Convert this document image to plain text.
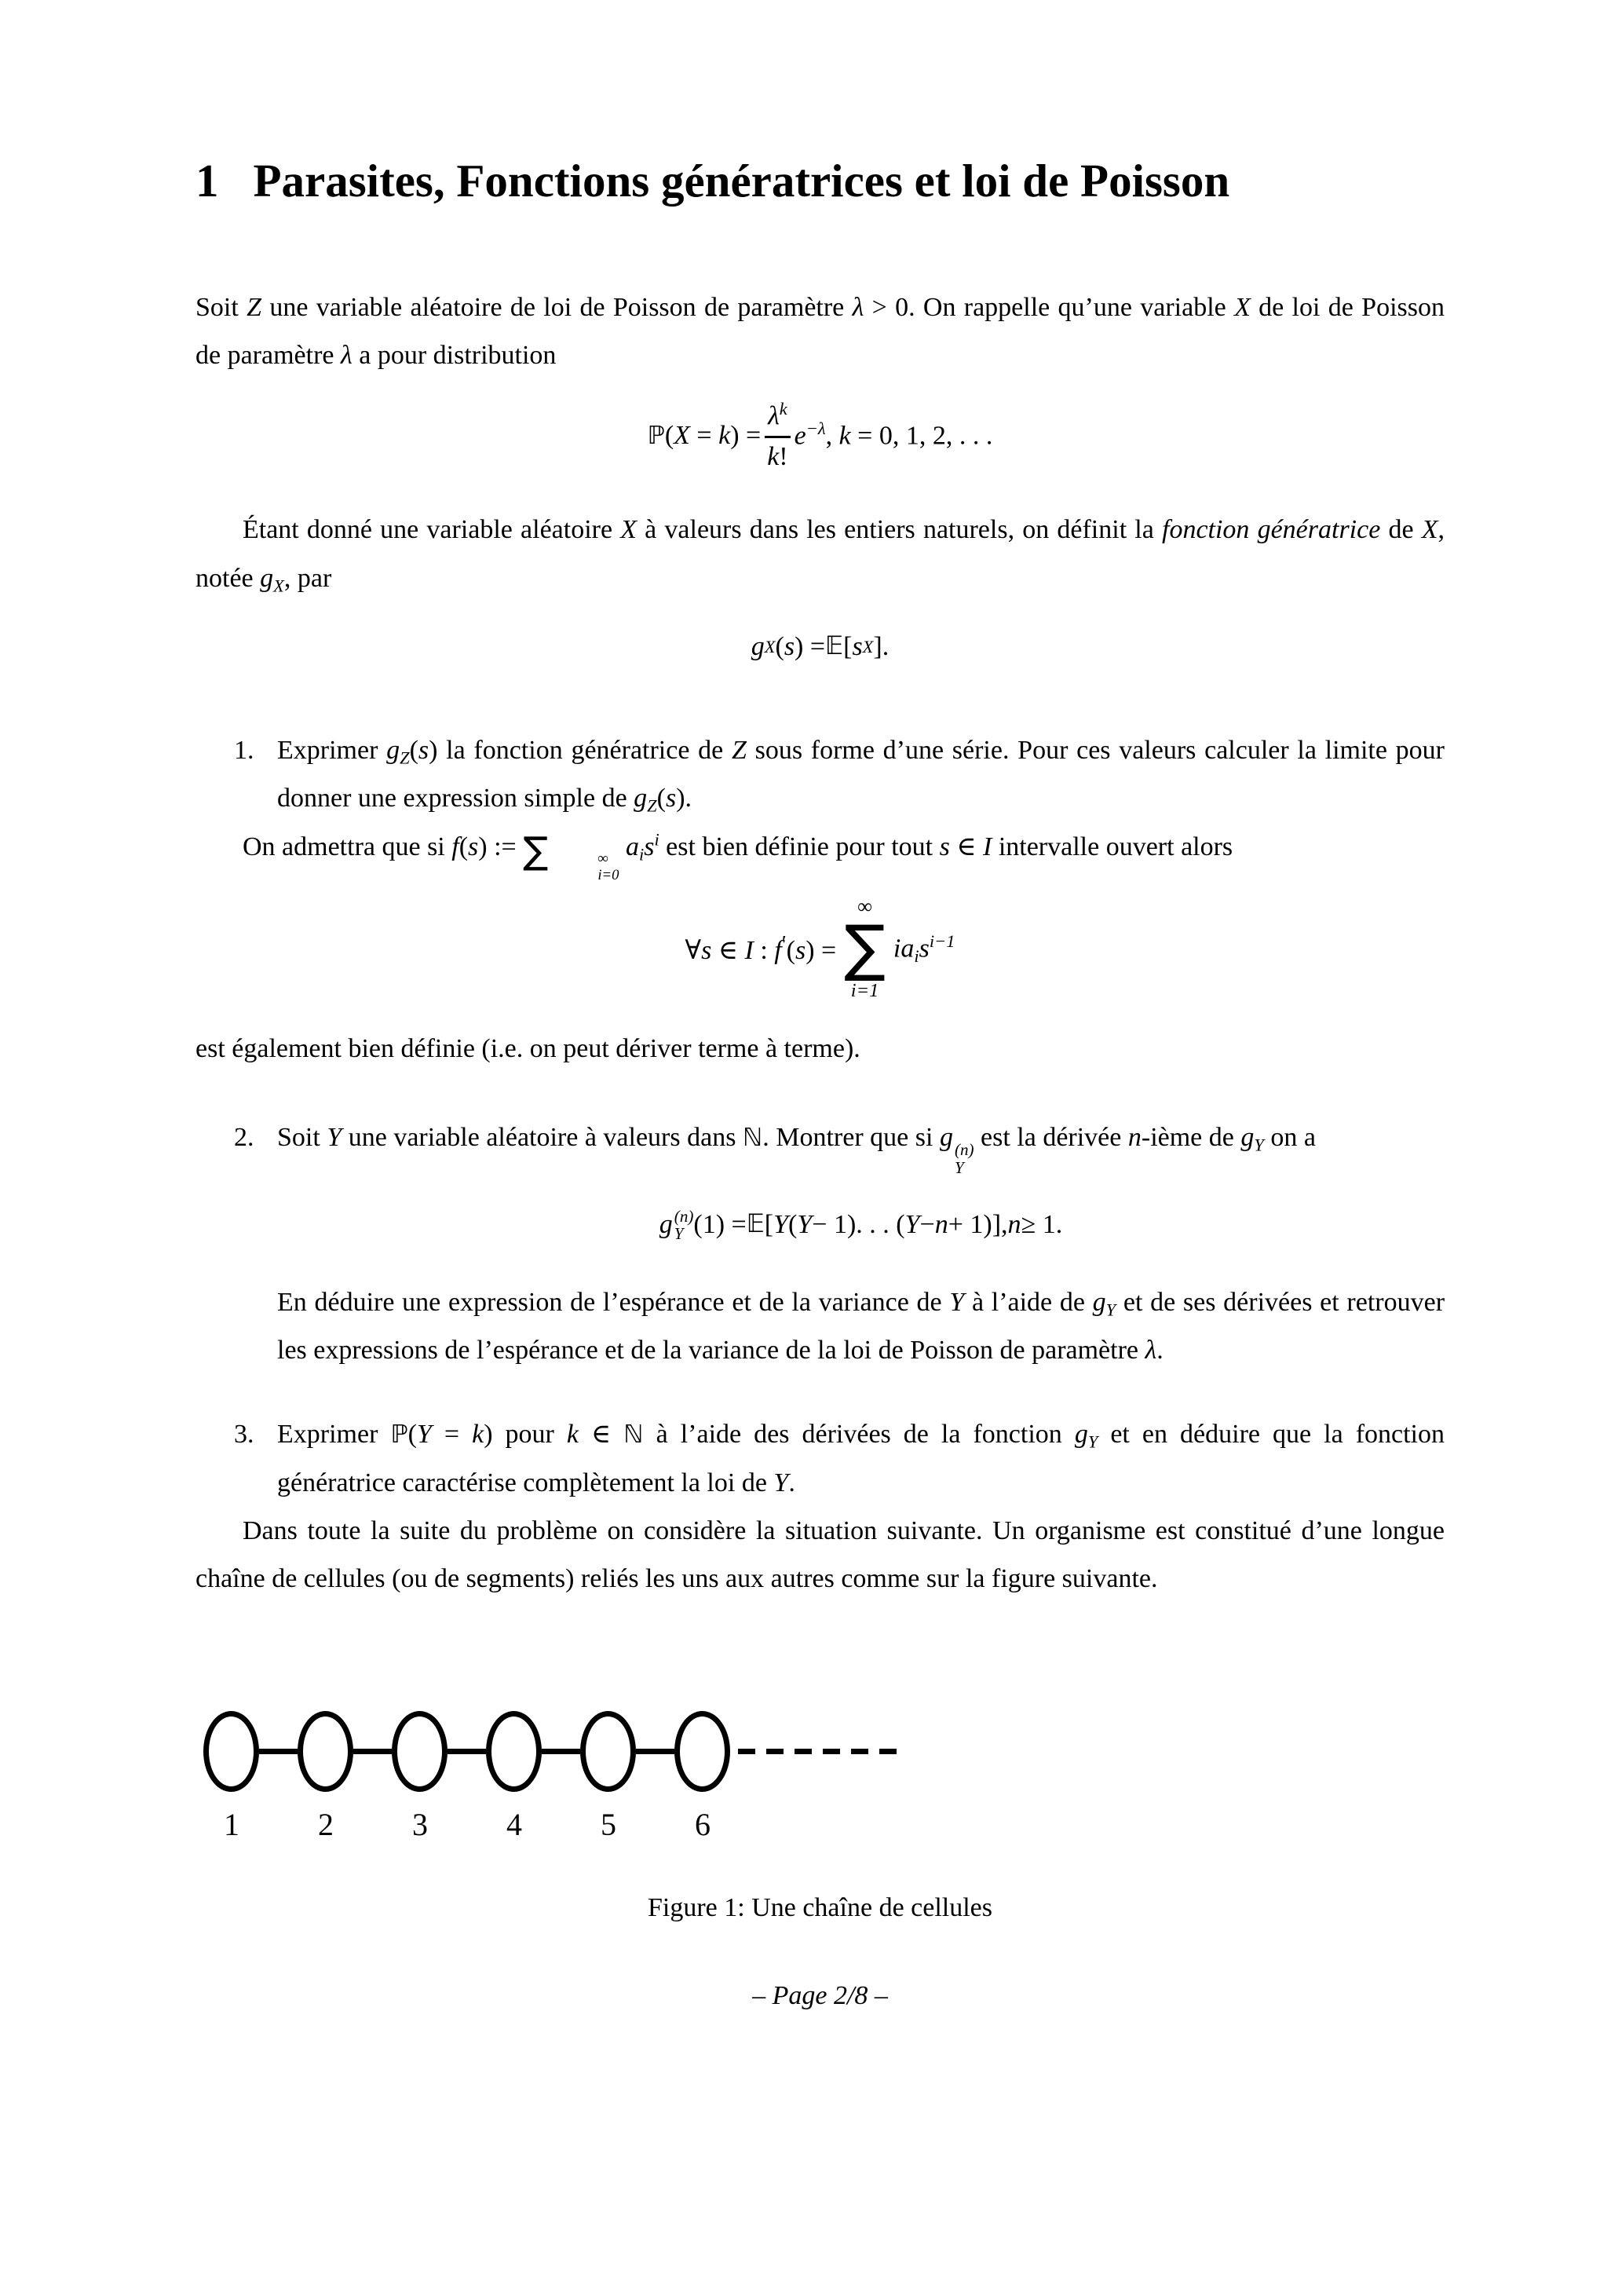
1 Parasites, Fonctions génératrices et loi de Poisson

Soit Z une variable aléatoire de loi de Poisson de paramètre λ > 0. On rappelle qu’une variable X de loi de Poisson de paramètre λ a pour distribution

ℙ(X = $k) = \frac{\lambda^k}{k!} e^{-\lambda}$, k = 0, 1, 2, . . .

Étant donné une variable aléatoire X à valeurs dans les entiers naturels, on définit la fonction génératrice de X, notée gX, par

g X ( s ) = 𝔼 [ s X ].
1. Exprimer gZ(s) la fonction génératrice de Z sous forme d’une série. Pour ces valeurs calculer la limite pour donner une expression simple de gZ(s).

On admettra que si f(s) := ∑	∞
i=0
ais$^i$ est bien définie pour tout s ∈ I intervalle ouvert alors

∀s ∈ I : f′(s) =
∞
∑
i=1
iais$^{i-1}$

est également bien définie (i.e. on peut dériver terme à terme).

2. Soit Y une variable aléatoire à valeurs dans ℕ. Montrer que si g (n)
Y
est la dérivée n-ième de gY on a

g (n)
Y (1) = 𝔼 [ Y ( Y − 1) . . . ( Y − n + 1)], n ≥ 1.

En déduire une expression de l’espérance et de la variance de Y à l’aide de gY et de ses dérivées et retrouver les expressions de l’espérance et de la variance de la loi de Poisson de paramètre λ.

3. Exprimer ℙ(Y = k) pour k ∈ ℕ à l’aide des dérivées de la fonction gY et en déduire que la fonction génératrice caractérise complètement la loi de Y.

Dans toute la suite du problème on considère la situation suivante. Un organisme est constitué d’une longue chaîne de cellules (ou de segments) reliés les uns aux autres comme sur la figure suivante.

1	2	3	4	5	6
Figure 1: Une chaîne de cellules
– Page 2/8 –
